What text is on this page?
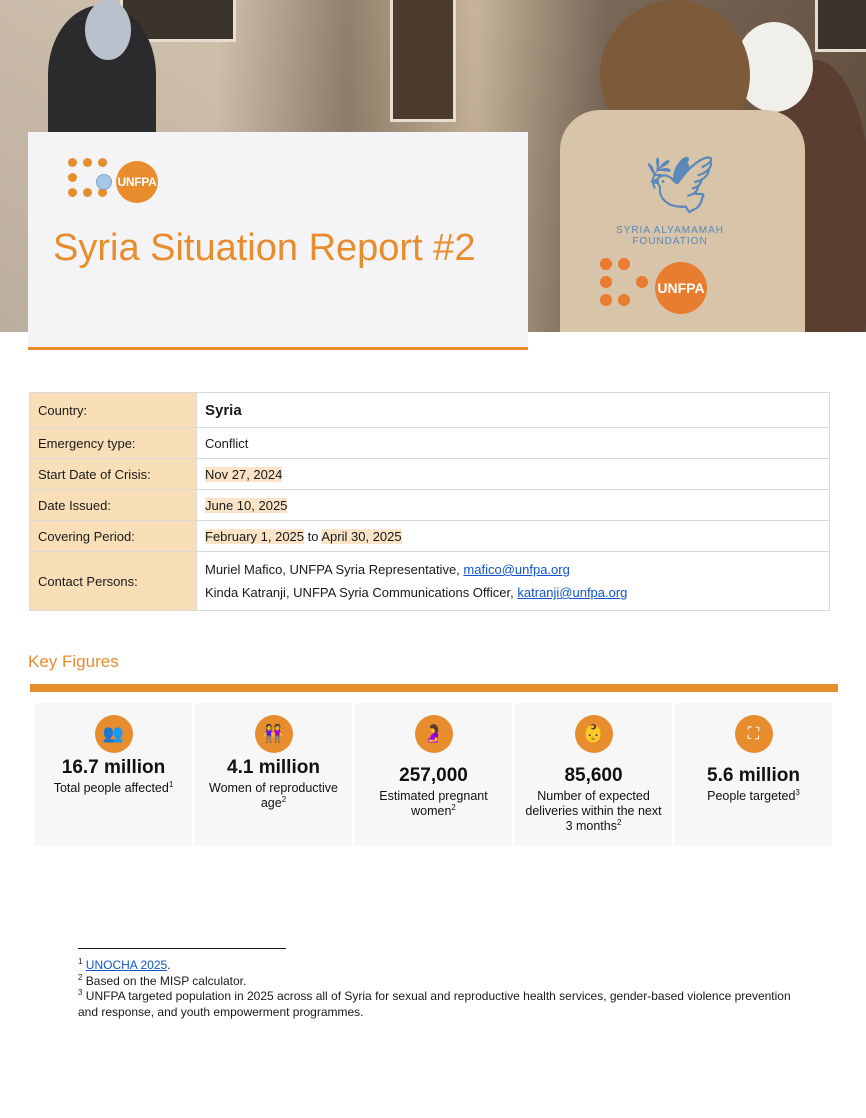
🕊
SYRIA ALYAMAMAH FOUNDATION
UNFPA
UNFPA
Syria Situation Report #2
Country:	Syria
Emergency type:	Conflict
Start Date of Crisis:	Nov 27, 2024
Date Issued:	June 10, 2025
Covering Period:	February 1, 2025 to April 30, 2025
Contact Persons:	Muriel Mafico, UNFPA Syria Representative, mafico@unfpa.org
Kinda Katranji, UNFPA Syria Communications Officer, katranji@unfpa.org
Key Figures
👥
16.7 million
Total people affected$^1$
👭
4.1 million
Women of reproductive age$^2$
🤰
257,000
Estimated pregnant women$^2$
👶
85,600
Number of expected deliveries within the next 3 months$^2$
⛶
5.6 million
People targeted$^3$

$^1$ UNOCHA 2025.

$^2$ Based on the MISP calculator.

$^3$ UNFPA targeted population in 2025 across all of Syria for sexual and reproductive health services, gender-based violence prevention and response, and youth empowerment programmes.
